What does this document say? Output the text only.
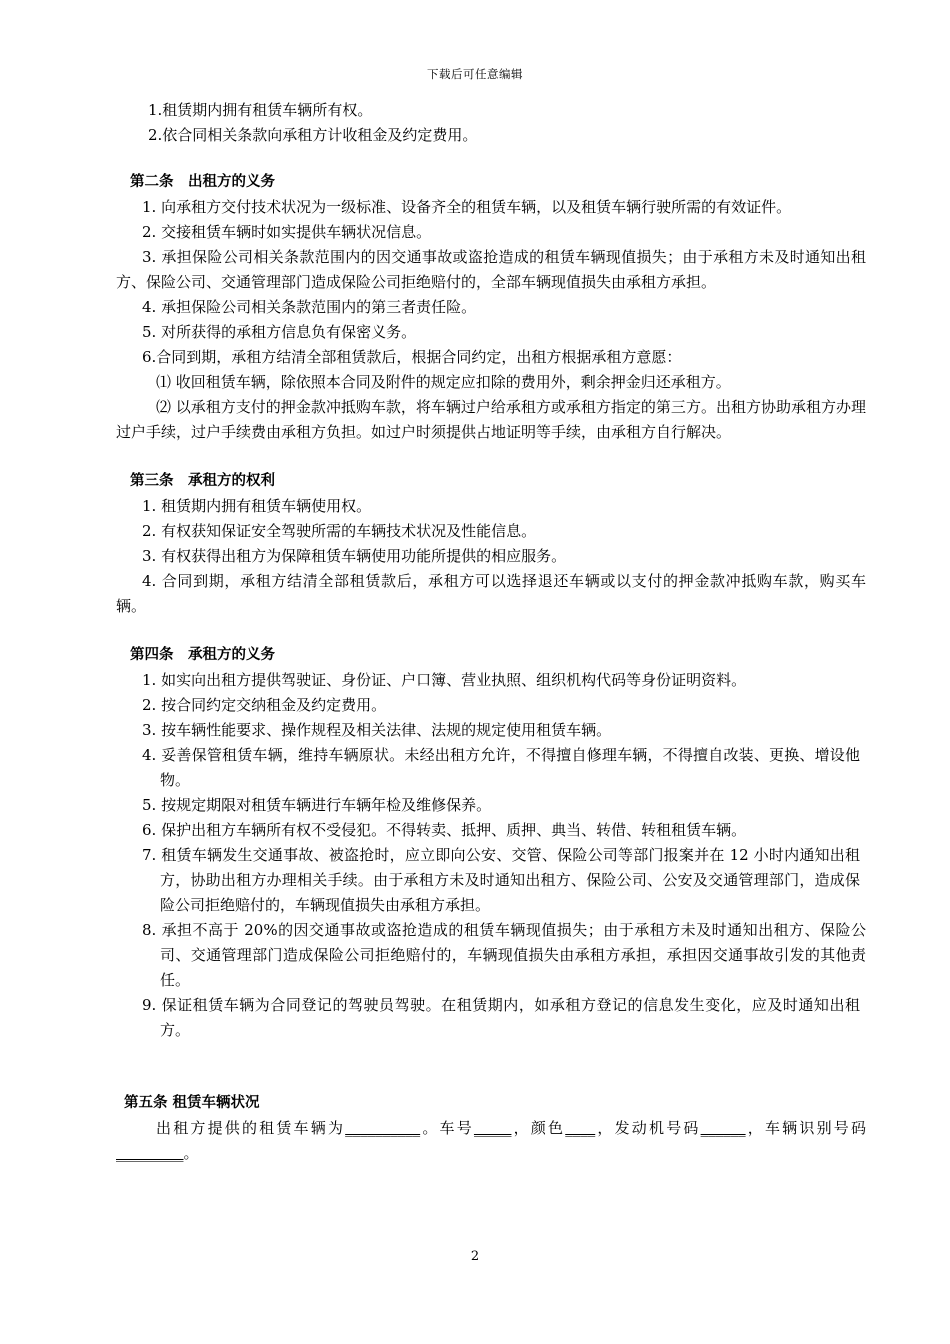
下载后可任意编辑

1.租赁期内拥有租赁车辆所有权。

2.依合同相关条款向承租方计收租金及约定费用。

第二条　出租方的义务

1. 向承租方交付技术状况为一级标准、设备齐全的租赁车辆，以及租赁车辆行驶所需的有效证件。

2. 交接租赁车辆时如实提供车辆状况信息。

3. 承担保险公司相关条款范围内的因交通事故或盗抢造成的租赁车辆现值损失；由于承租方未及时通知出租方、保险公司、交通管理部门造成保险公司拒绝赔付的，全部车辆现值损失由承租方承担。

4. 承担保险公司相关条款范围内的第三者责任险。

5. 对所获得的承租方信息负有保密义务。

6.合同到期，承租方结清全部租赁款后，根据合同约定，出租方根据承租方意愿：

⑴ 收回租赁车辆，除依照本合同及附件的规定应扣除的费用外，剩余押金归还承租方。

⑵ 以承租方支付的押金款冲抵购车款，将车辆过户给承租方或承租方指定的第三方。出租方协助承租方办理过户手续，过户手续费由承租方负担。如过户时须提供占地证明等手续，由承租方自行解决。

第三条　承租方的权利

1. 租赁期内拥有租赁车辆使用权。

2. 有权获知保证安全驾驶所需的车辆技术状况及性能信息。

3. 有权获得出租方为保障租赁车辆使用功能所提供的相应服务。

4. 合同到期，承租方结清全部租赁款后，承租方可以选择退还车辆或以支付的押金款冲抵购车款，购买车辆。

第四条　承租方的义务

1. 如实向出租方提供驾驶证、身份证、户口簿、营业执照、组织机构代码等身份证明资料。

2. 按合同约定交纳租金及约定费用。

3. 按车辆性能要求、操作规程及相关法律、法规的规定使用租赁车辆。

4. 妥善保管租赁车辆，维持车辆原状。未经出租方允许，不得擅自修理车辆，不得擅自改装、更换、增设他物。

5. 按规定期限对租赁车辆进行车辆年检及维修保养。

6. 保护出租方车辆所有权不受侵犯。不得转卖、抵押、质押、典当、转借、转租租赁车辆。

7. 租赁车辆发生交通事故、被盗抢时，应立即向公安、交管、保险公司等部门报案并在 12 小时内通知出租方，协助出租方办理相关手续。由于承租方未及时通知出租方、保险公司、公安及交通管理部门，造成保险公司拒绝赔付的，车辆现值损失由承租方承担。

8. 承担不高于 20%的因交通事故或盗抢造成的租赁车辆现值损失；由于承租方未及时通知出租方、保险公司、交通管理部门造成保险公司拒绝赔付的，车辆现值损失由承租方承担，承担因交通事故引发的其他责任。

9. 保证租赁车辆为合同登记的驾驶员驾驶。在租赁期内，如承租方登记的信息发生变化，应及时通知出租方。

第五条 租赁车辆状况

出租方提供的租赁车辆为__________。车号_____，颜色____，发动机号码______，车辆识别号码_________。

2
